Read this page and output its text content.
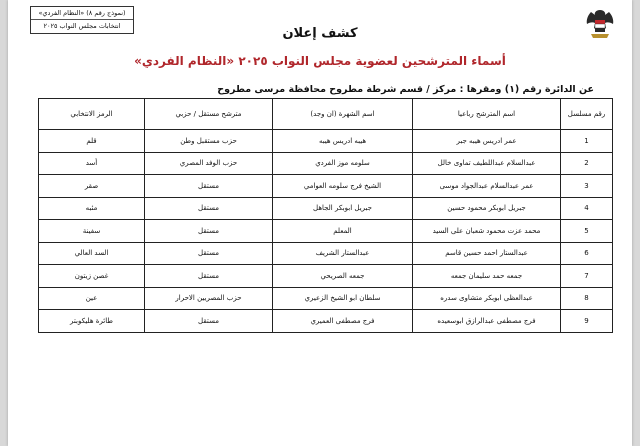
(نموذج رقم ٨) «النظام الفردي»
انتخابات مجلس النواب ٢٠٢٥	كشف إعلان
أسماء المترشحين لعضوية مجلس النواب ٢٠٢٥ «النظام الفردي»
عن الدائرة رقم (١) ومقرها : مركز / قسم شرطة مطروح محافظة مرسى مطروح
رقم مسلسل	اسم المترشح رباعيا	اسم الشهرة (ان وجد)	مترشح مستقل / حزبي	الرمز الانتخابي
1	عمر ادريس هيبه جبر	هيبه ادريس هيبه	حزب مستقبل وطن	قلم
2	عبدالسلام عبداللطيف تماوى خالل	سلومه موز الفردي	حزب الوفد المصري	أسد
3	عمر عبدالسلام عبدالجواد موسى	الشيخ فرج سلومه العوامي	مستقل	صقر
4	جبريل ابوبكر محمود حسين	جبريل ابوبكر الجاهل	مستقل	مئبه
5	محمد عزت محمود شعبان على السيد	المعلم	مستقل	سفينة
6	عبدالستار احمد حسين قاسم	عبدالستار الشريف	مستقل	السد العالي
7	جمعه حمد سليمان جمعه	جمعه الصريحي	مستقل	غصن زيتون
8	عبدالعظى ابوبكر متشاوى سدره	سلطان ابو الشيخ الزعيري	حزب المصريين الاحرار	عين
9	فرج مصطفى عبدالرازق ابوسعيده	فرج مصطفى العميري	مستقل	طائرة هليكوبتر
